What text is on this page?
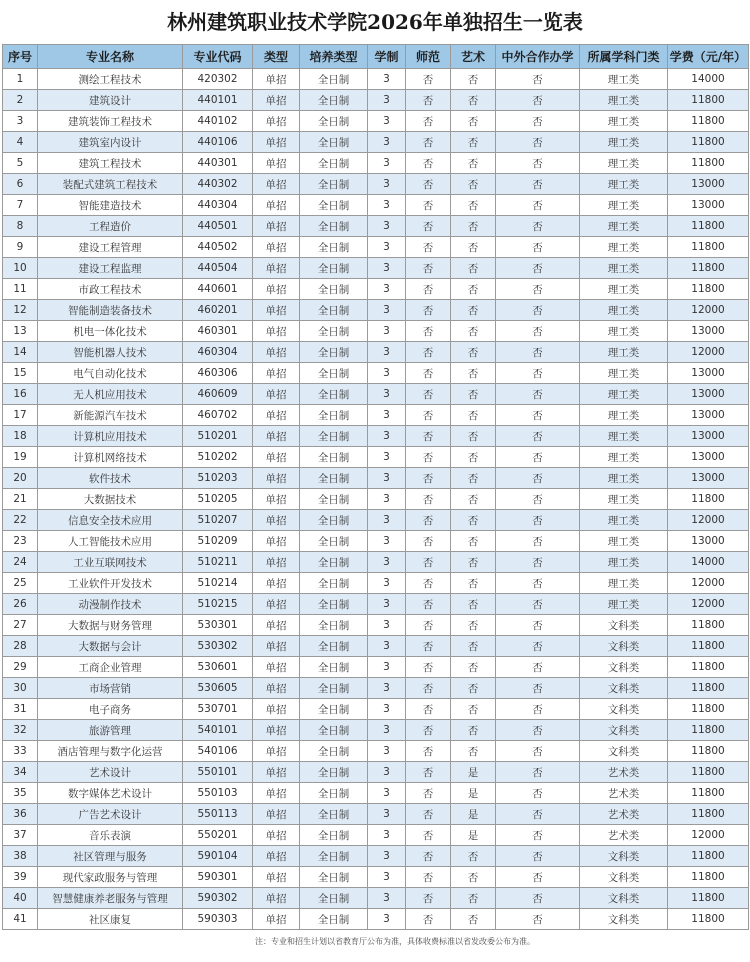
林州建筑职业技术学院2026年单独招生一览表
序号	专业名称	专业代码	类型	培养类型	学制	师范	艺术	中外合作办学	所属学科门类	学费（元/年）
1	测绘工程技术	420302	单招	全日制	3	否	否	否	理工类	14000
2	建筑设计	440101	单招	全日制	3	否	否	否	理工类	11800
3	建筑装饰工程技术	440102	单招	全日制	3	否	否	否	理工类	11800
4	建筑室内设计	440106	单招	全日制	3	否	否	否	理工类	11800
5	建筑工程技术	440301	单招	全日制	3	否	否	否	理工类	11800
6	装配式建筑工程技术	440302	单招	全日制	3	否	否	否	理工类	13000
7	智能建造技术	440304	单招	全日制	3	否	否	否	理工类	13000
8	工程造价	440501	单招	全日制	3	否	否	否	理工类	11800
9	建设工程管理	440502	单招	全日制	3	否	否	否	理工类	11800
10	建设工程监理	440504	单招	全日制	3	否	否	否	理工类	11800
11	市政工程技术	440601	单招	全日制	3	否	否	否	理工类	11800
12	智能制造装备技术	460201	单招	全日制	3	否	否	否	理工类	12000
13	机电一体化技术	460301	单招	全日制	3	否	否	否	理工类	13000
14	智能机器人技术	460304	单招	全日制	3	否	否	否	理工类	12000
15	电气自动化技术	460306	单招	全日制	3	否	否	否	理工类	13000
16	无人机应用技术	460609	单招	全日制	3	否	否	否	理工类	13000
17	新能源汽车技术	460702	单招	全日制	3	否	否	否	理工类	13000
18	计算机应用技术	510201	单招	全日制	3	否	否	否	理工类	13000
19	计算机网络技术	510202	单招	全日制	3	否	否	否	理工类	13000
20	软件技术	510203	单招	全日制	3	否	否	否	理工类	13000
21	大数据技术	510205	单招	全日制	3	否	否	否	理工类	11800
22	信息安全技术应用	510207	单招	全日制	3	否	否	否	理工类	12000
23	人工智能技术应用	510209	单招	全日制	3	否	否	否	理工类	13000
24	工业互联网技术	510211	单招	全日制	3	否	否	否	理工类	14000
25	工业软件开发技术	510214	单招	全日制	3	否	否	否	理工类	12000
26	动漫制作技术	510215	单招	全日制	3	否	否	否	理工类	12000
27	大数据与财务管理	530301	单招	全日制	3	否	否	否	文科类	11800
28	大数据与会计	530302	单招	全日制	3	否	否	否	文科类	11800
29	工商企业管理	530601	单招	全日制	3	否	否	否	文科类	11800
30	市场营销	530605	单招	全日制	3	否	否	否	文科类	11800
31	电子商务	530701	单招	全日制	3	否	否	否	文科类	11800
32	旅游管理	540101	单招	全日制	3	否	否	否	文科类	11800
33	酒店管理与数字化运营	540106	单招	全日制	3	否	否	否	文科类	11800
34	艺术设计	550101	单招	全日制	3	否	是	否	艺术类	11800
35	数字媒体艺术设计	550103	单招	全日制	3	否	是	否	艺术类	11800
36	广告艺术设计	550113	单招	全日制	3	否	是	否	艺术类	11800
37	音乐表演	550201	单招	全日制	3	否	是	否	艺术类	12000
38	社区管理与服务	590104	单招	全日制	3	否	否	否	文科类	11800
39	现代家政服务与管理	590301	单招	全日制	3	否	否	否	文科类	11800
40	智慧健康养老服务与管理	590302	单招	全日制	3	否	否	否	文科类	11800
41	社区康复	590303	单招	全日制	3	否	否	否	文科类	11800
注：专业和招生计划以省教育厅公布为准，具体收费标准以省发改委公布为准。
